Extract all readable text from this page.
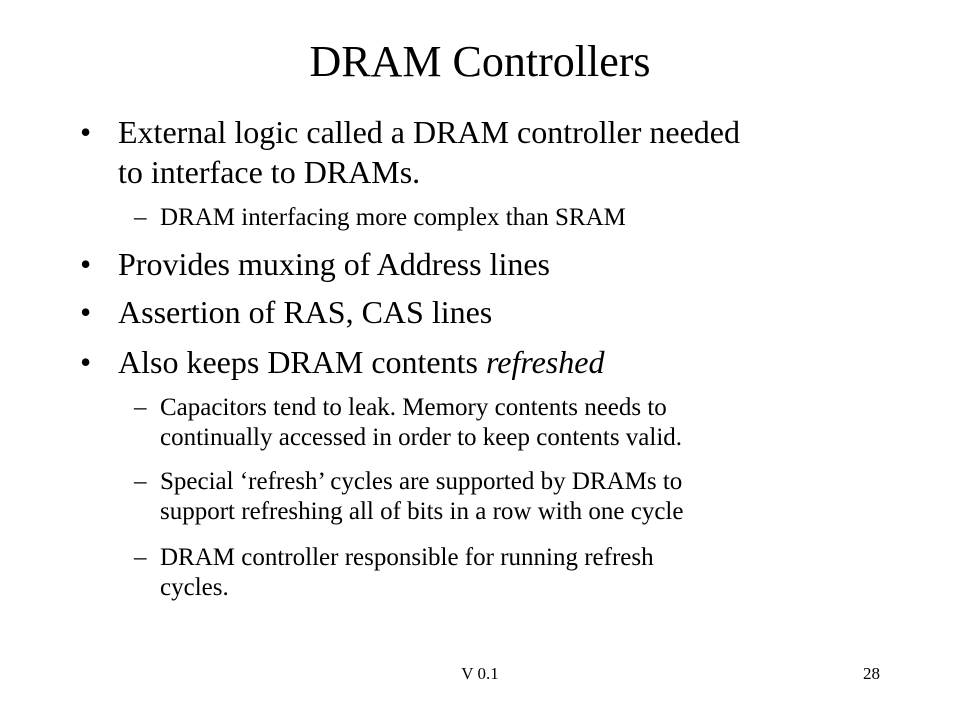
DRAM Controllers
• External logic called a DRAM controller needed
to interface to DRAMs.
– DRAM interfacing more complex than SRAM
• Provides muxing of Address lines
• Assertion of RAS, CAS lines
• Also keeps DRAM contents refreshed
– Capacitors tend to leak. Memory contents needs to
continually accessed in order to keep contents valid.
– Special ‘refresh’ cycles are supported by DRAMs to
support refreshing all of bits in a row with one cycle
– DRAM controller responsible for running refresh
cycles.
V 0.1	28
